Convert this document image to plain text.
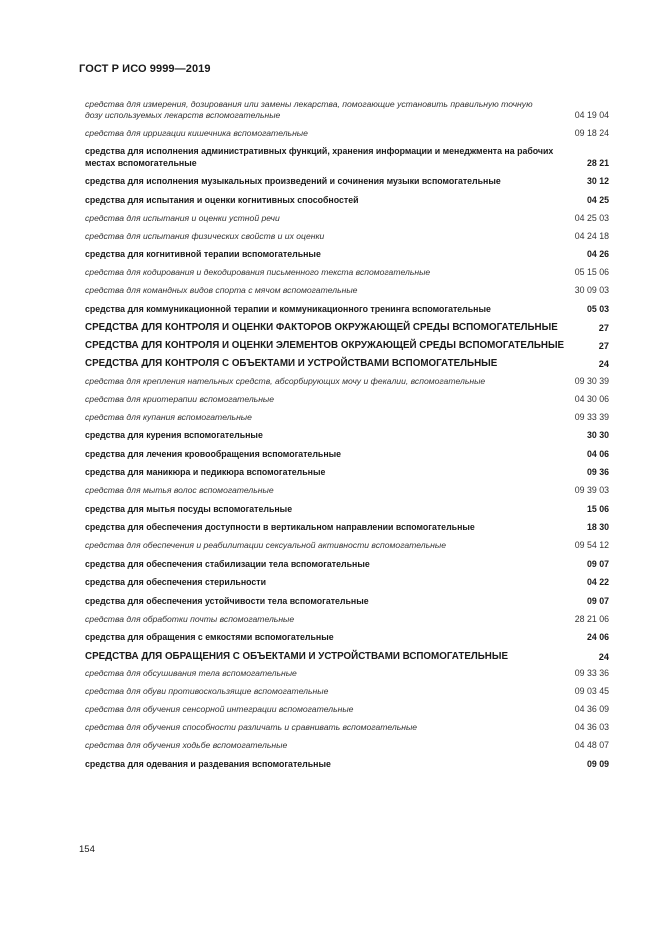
ГОСТ Р ИСО 9999—2019
средства для измерения, дозирования или замены лекарства, помогающие установить правильную точную дозу используемых лекарств вспомогательные	04 19 04
средства для ирригации кишечника вспомогательные	09 18 24
средства для исполнения административных функций, хранения информации и менеджмента на рабочих местах вспомогательные	28 21
средства для исполнения музыкальных произведений и сочинения музыки вспомогательные	30 12
средства для испытания и оценки когнитивных способностей	04 25
средства для испытания и оценки устной речи	04 25 03
средства для испытания физических свойств и их оценки	04 24 18
средства для когнитивной терапии вспомогательные	04 26
средства для кодирования и декодирования письменного текста вспомогательные	05 15 06
средства для командных видов спорта с мячом вспомогательные	30 09 03
средства для коммуникационной терапии и коммуникационного тренинга вспомогательные	05 03
СРЕДСТВА ДЛЯ КОНТРОЛЯ И ОЦЕНКИ ФАКТОРОВ ОКРУЖАЮЩЕЙ СРЕДЫ ВСПОМОГАТЕЛЬНЫЕ	27
СРЕДСТВА ДЛЯ КОНТРОЛЯ И ОЦЕНКИ ЭЛЕМЕНТОВ ОКРУЖАЮЩЕЙ СРЕДЫ ВСПОМОГАТЕЛЬНЫЕ	27
СРЕДСТВА ДЛЯ КОНТРОЛЯ С ОБЪЕКТАМИ И УСТРОЙСТВАМИ ВСПОМОГАТЕЛЬНЫЕ	24
средства для крепления нательных средств, абсорбирующих мочу и фекалии, вспомогательные	09 30 39
средства для криотерапии вспомогательные	04 30 06
средства для купания вспомогательные	09 33 39
средства для курения вспомогательные	30 30
средства для лечения кровообращения вспомогательные	04 06
средства для маникюра и педикюра вспомогательные	09 36
средства для мытья волос вспомогательные	09 39 03
средства для мытья посуды вспомогательные	15 06
средства для обеспечения доступности в вертикальном направлении вспомогательные	18 30
средства для обеспечения и реабилитации сексуальной активности вспомогательные	09 54 12
средства для обеспечения стабилизации тела вспомогательные	09 07
средства для обеспечения стерильности	04 22
средства для обеспечения устойчивости тела вспомогательные	09 07
средства для обработки почты вспомогательные	28 21 06
средства для обращения с емкостями вспомогательные	24 06
СРЕДСТВА ДЛЯ ОБРАЩЕНИЯ С ОБЪЕКТАМИ И УСТРОЙСТВАМИ ВСПОМОГАТЕЛЬНЫЕ	24
средства для обсушивания тела вспомогательные	09 33 36
средства для обуви противоскользящие вспомогательные	09 03 45
средства для обучения сенсорной интеграции вспомогательные	04 36 09
средства для обучения способности различать и сравнивать вспомогательные	04 36 03
средства для обучения ходьбе вспомогательные	04 48 07
средства для одевания и раздевания вспомогательные	09 09
154
